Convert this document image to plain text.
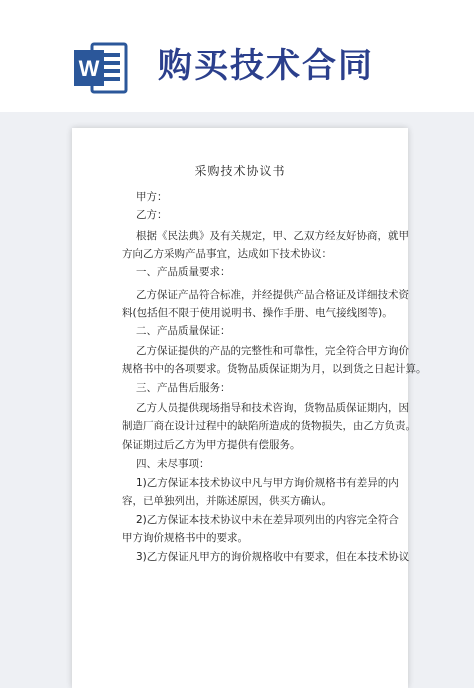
W 购买技术合同
采购技术协议书
甲方：
乙方：
根据《民法典》及有关规定，甲、乙双方经友好协商，就甲
方向乙方采购产品事宜，达成如下技术协议：
一、产品质量要求：
乙方保证产品符合标准，并经提供产品合格证及详细技术资
料(包括但不限于使用说明书、操作手册、电气接线图等)。
二、产品质量保证：
乙方保证提供的产品的完整性和可靠性，完全符合甲方询价
规格书中的各项要求。货物品质保证期为月，以到货之日起计算。
三、产品售后服务：
乙方人员提供现场指导和技术咨询，货物品质保证期内，因
制造厂商在设计过程中的缺陷所造成的货物损失，由乙方负责。
保证期过后乙方为甲方提供有偿服务。
四、未尽事项：
1)乙方保证本技术协议中凡与甲方询价规格书有差异的内
容，已单独列出，并陈述原因，供买方确认。
2)乙方保证本技术协议中未在差异项列出的内容完全符合
甲方询价规格书中的要求。
3)乙方保证凡甲方的询价规格收中有要求，但在本技术协议
